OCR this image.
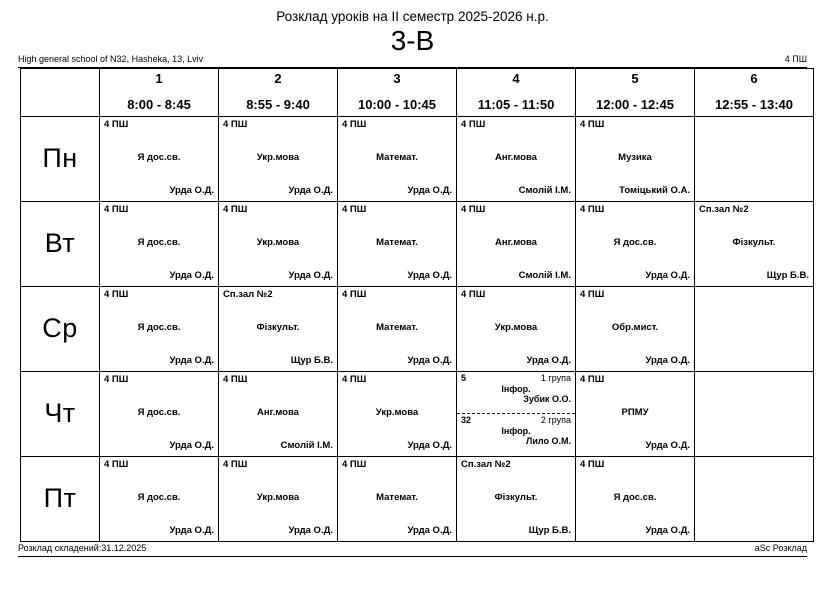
Розклад уроків на II семестр 2025-2026 н.р.
3-В
High general school of N32, Hasheka, 13, Lviv	4 ПШ

1
8:00 - 8:45

2
8:55 - 9:40

3
10:00 - 10:45

4
11:05 - 11:50

5
12:00 - 12:45

6
12:55 - 13:40

Пн	
4 ПШ
Я дос.св.
Урда О.Д.

4 ПШ
Укр.мова
Урда О.Д.

4 ПШ
Математ.
Урда О.Д.

4 ПШ
Анг.мова
Смолій І.М.

4 ПШ
Музика
Томіцький О.А.

Вт	
4 ПШ
Я дос.св.
Урда О.Д.

4 ПШ
Укр.мова
Урда О.Д.

4 ПШ
Математ.
Урда О.Д.

4 ПШ
Анг.мова
Смолій І.М.

4 ПШ
Я дос.св.
Урда О.Д.

Сп.зал №2
Фізкульт.
Щур Б.В.

Ср	
4 ПШ
Я дос.св.
Урда О.Д.

Сп.зал №2
Фізкульт.
Щур Б.В.

4 ПШ
Математ.
Урда О.Д.

4 ПШ
Укр.мова
Урда О.Д.

4 ПШ
Обр.мист.
Урда О.Д.

Чт	
4 ПШ
Я дос.св.
Урда О.Д.

4 ПШ
Анг.мова
Смолій І.М.

4 ПШ
Укр.мова
Урда О.Д.

5	1 група
Інфор.
Зубик О.О.
32	2 група
Інфор.
Лило О.М.

4 ПШ
РПМУ
Урда О.Д.

Пт	
4 ПШ
Я дос.св.
Урда О.Д.

4 ПШ
Укр.мова
Урда О.Д.

4 ПШ
Математ.
Урда О.Д.

Сп.зал №2
Фізкульт.
Щур Б.В.

4 ПШ
Я дос.св.
Урда О.Д.

Розклад складений:31.12.2025	aSc Розклад
